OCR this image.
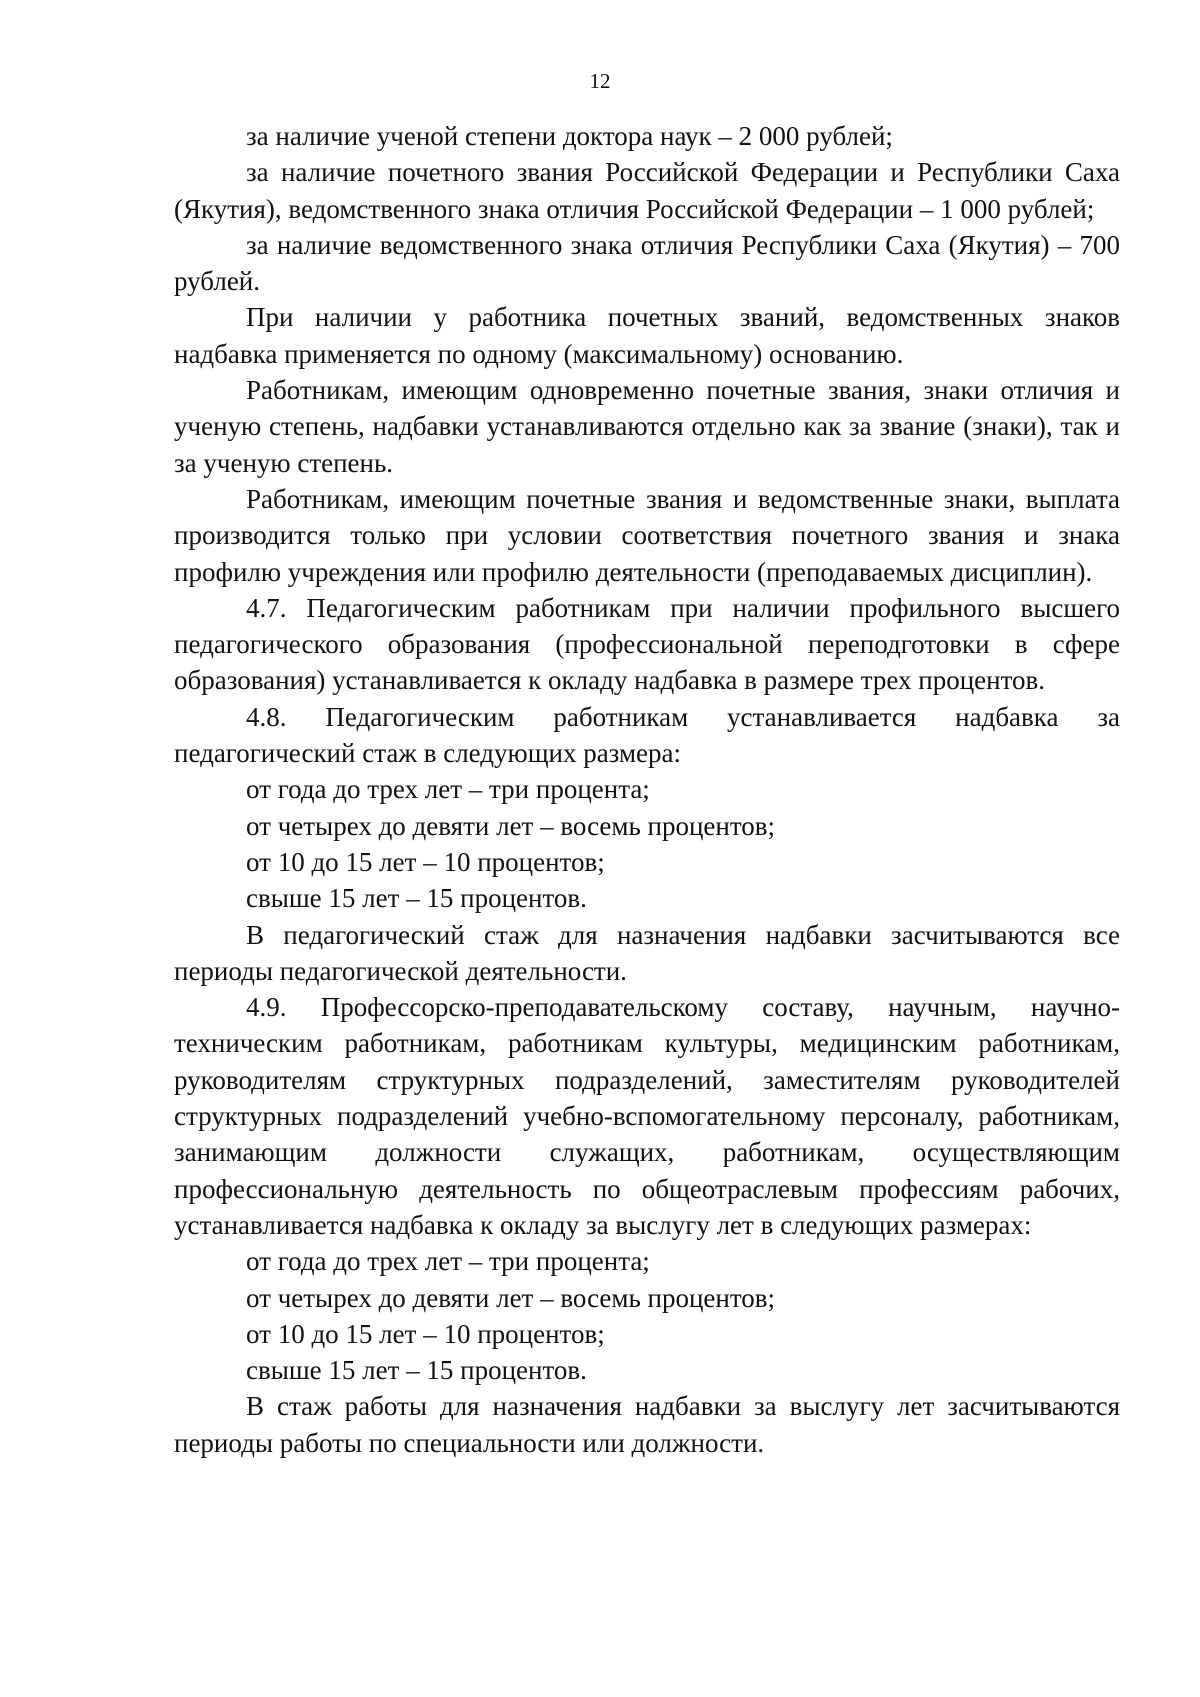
12

за наличие ученой степени доктора наук – 2 000 рублей;

за наличие почетного звания Российской Федерации и Республики Саха (Якутия), ведомственного знака отличия Российской Федерации – 1 000 рублей;

за наличие ведомственного знака отличия Республики Саха (Якутия) – 700 рублей.

При наличии у работника почетных званий, ведомственных знаков надбавка применяется по одному (максимальному) основанию.

Работникам, имеющим одновременно почетные звания, знаки отличия и ученую степень, надбавки устанавливаются отдельно как за звание (знаки), так и за ученую степень.

Работникам, имеющим почетные звания и ведомственные знаки, выплата производится только при условии соответствия почетного звания и знака профилю учреждения или профилю деятельности (преподаваемых дисциплин).

4.7. Педагогическим работникам при наличии профильного высшего педагогического образования (профессиональной переподготовки в сфере образования) устанавливается к окладу надбавка в размере трех процентов.

4.8. Педагогическим работникам устанавливается надбавка за педагогический стаж в следующих размера:

от года до трех лет – три процента;

от четырех до девяти лет – восемь процентов;

от 10 до 15 лет – 10 процентов;

свыше 15 лет – 15 процентов.

В педагогический стаж для назначения надбавки засчитываются все периоды педагогической деятельности.

4.9. Профессорско-преподавательскому составу, научным, научно-техническим работникам, работникам культуры, медицинским работникам, руководителям структурных подразделений, заместителям руководителей структурных подразделений учебно-вспомогательному персоналу, работникам, занимающим должности служащих, работникам, осуществляющим профессиональную деятельность по общеотраслевым профессиям рабочих, устанавливается надбавка к окладу за выслугу лет в следующих размерах:

от года до трех лет – три процента;

от четырех до девяти лет – восемь процентов;

от 10 до 15 лет – 10 процентов;

свыше 15 лет – 15 процентов.

В стаж работы для назначения надбавки за выслугу лет засчитываются периоды работы по специальности или должности.
